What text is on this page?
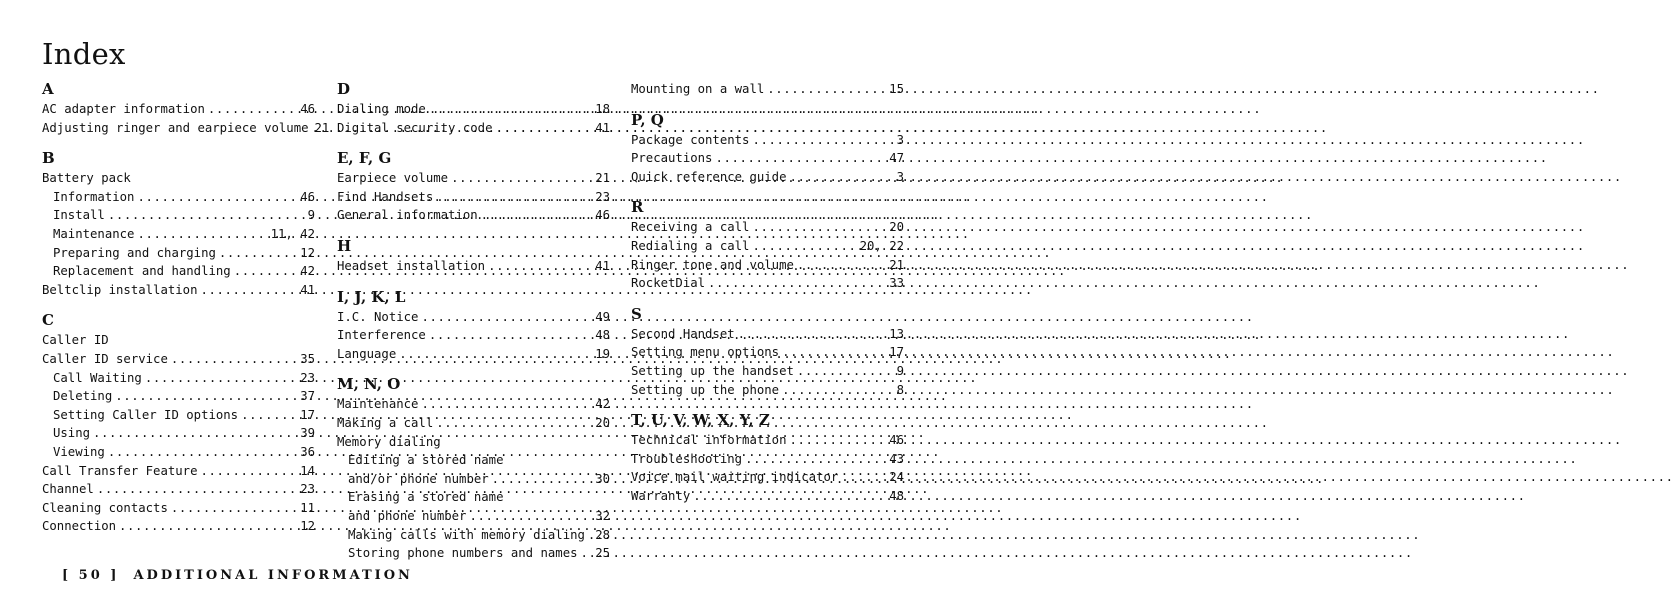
Index
A
AC adapter information .....	46
Adjusting ringer and earpiece volume ..... 21
B
Battery pack
Information .....	46
Install .....	9
Maintenance .....	11, 42
Preparing and charging .....	12
Replacement and handling .....	42
Beltclip installation .....	41
C
Caller ID
Caller ID service .....	35
Call Waiting .....	23
Deleting .....	37
Setting Caller ID options .....	17
Using .....	39
Viewing .....	36
Call Transfer Feature .....	14
Channel .....	23
Cleaning contacts .....	11
Connection .....	12
D
Dialing mode .....	18
Digital security code .....	41
E, F, G
Earpiece volume .....	21
Find Handsets .....	23
General information .....	46
H
Headset installation .....	41
I, J, K, L
I.C. Notice .....	49
Interference .....	48
Language .....	19
M, N, O
Maintenance .....	42
Making a call .....	20
Memory dialing
Editing a stored name
and/or phone number .....	30
Erasing a stored name
and phone number .....	32
Making calls with memory dialing ..... 28
Storing phone numbers and names ..... 25
Mounting on a wall .....	15
P, Q
Package contents .....	3
Precautions .....	47
Quick reference guide .....	3
R
Receiving a call .....	20
Redialing a call .....	20, 22
Ringer tone and volume .....	21
RocketDial .....	33
S
Second Handset .....	13
Setting menu options .....	17
Setting up the handset .....	9
Setting up the phone .....	8
T, U, V, W, X, Y, Z
Technical information .....	46
Troubleshooting .....	43
Voice mail waiting indicator .....	24
Warranty .....	48
[ 50 ] ADDITIONAL INFORMATION
